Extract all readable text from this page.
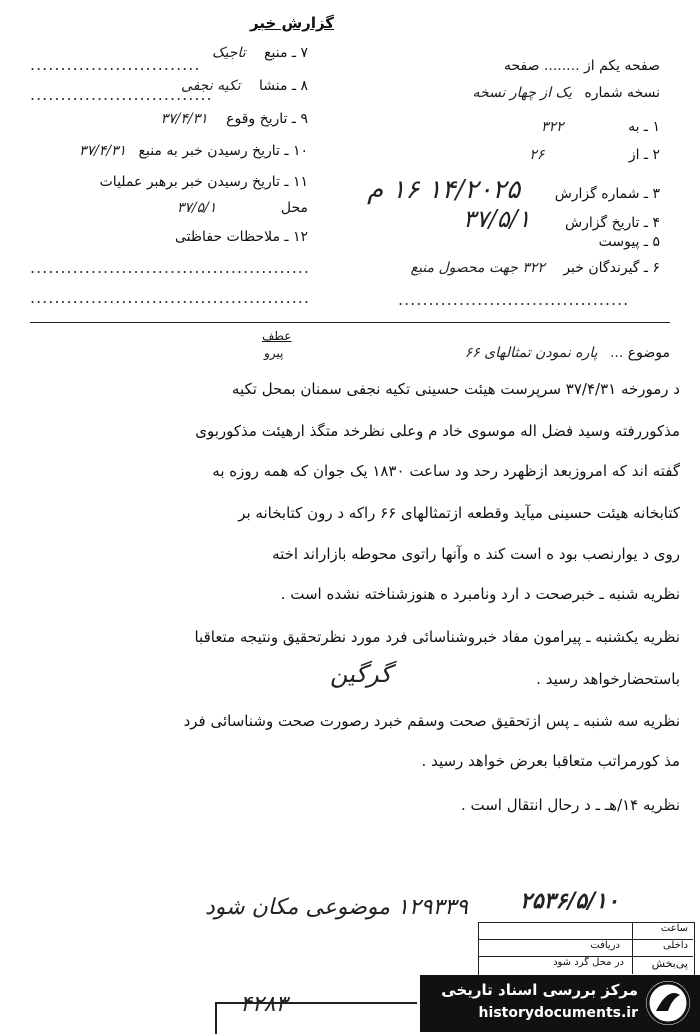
گزارش خبر
۷ ـ منبع تاجیک
............................
۸ ـ منشا تکیه نجفی
..............................
۹ ـ تاریخ وقوع ۳۷/۴/۳۱
۱۰ ـ تاریخ رسیدن خبر به منبع ۳۷/۴/۳۱
۱۱ ـ تاریخ رسیدن خبر برهبر عملیات
محل ۳۷/۵/۱
۱۲ ـ ملاحظات حفاظتی
..............................................
..............................................
صفحه یکم از ........ صفحه
نسخه شماره یک از چهار نسخه
۱ ـ به ۳۲۲
۲ ـ از ۲۶
۳ ـ شماره گزارش ۱۴/۲۰۲۵ ۱۶ م
۴ ـ تاریخ گزارش ۳۷/۵/۱
۵ ـ پیوست
۶ ـ گیرندگان خبر ۳۲۲ جهت محصول منبع
......................................
عطف
پیرو	موضوع ... پاره نمودن تمثالهای ۶۶
د رمورخه ۳۷/۴/۳۱ سرپرست هیئت حسینی تکیه نجفی سمنان بمحل تکیه
مذکوررفته وسید فضل اله موسوی خاد م وعلی نظرخد متگذ ارهیئت مذکوربوی
گفته اند که امروزبعد ازظهرد رحد ود ساعت ۱۸۳۰ یک جوان که همه روزه به
کتابخانه هیئت حسینی میآید وقطعه ازتمثالهای ۶۶ راکه د رون کتابخانه بر
روی د یوارنصب بود ه است کند ه وآنها راتوی محوطه بازاراند اخته
نظریه شنبه ـ خبرصحت د ارد ونامبرد ه هنوزشناخته نشده است .
نظریه یکشنبه ـ پیرامون مفاد خبروشناسائی فرد مورد نظرتحقیق ونتیجه متعاقبا
باستحضارخواهد رسید .
گرگین
نظریه سه شنبه ـ پس ازتحقیق صحت وسقم خبرد رصورت صحت وشناسائی فرد
مذ کورمراتب متعاقبا بعرض خواهد رسید .
نظریه ۱۴/هـ ـ د رحال انتقال است .
۱۲۹۳۳۹ موضوعی مکان شود ۲۵۳۶/۵/۱۰
ساعت
داخلی
دریافت
پی‌بخش
در محل گرد شود
۴۲۸۳
مرکز بررسی اسناد تاریخی
historydocuments.ir
